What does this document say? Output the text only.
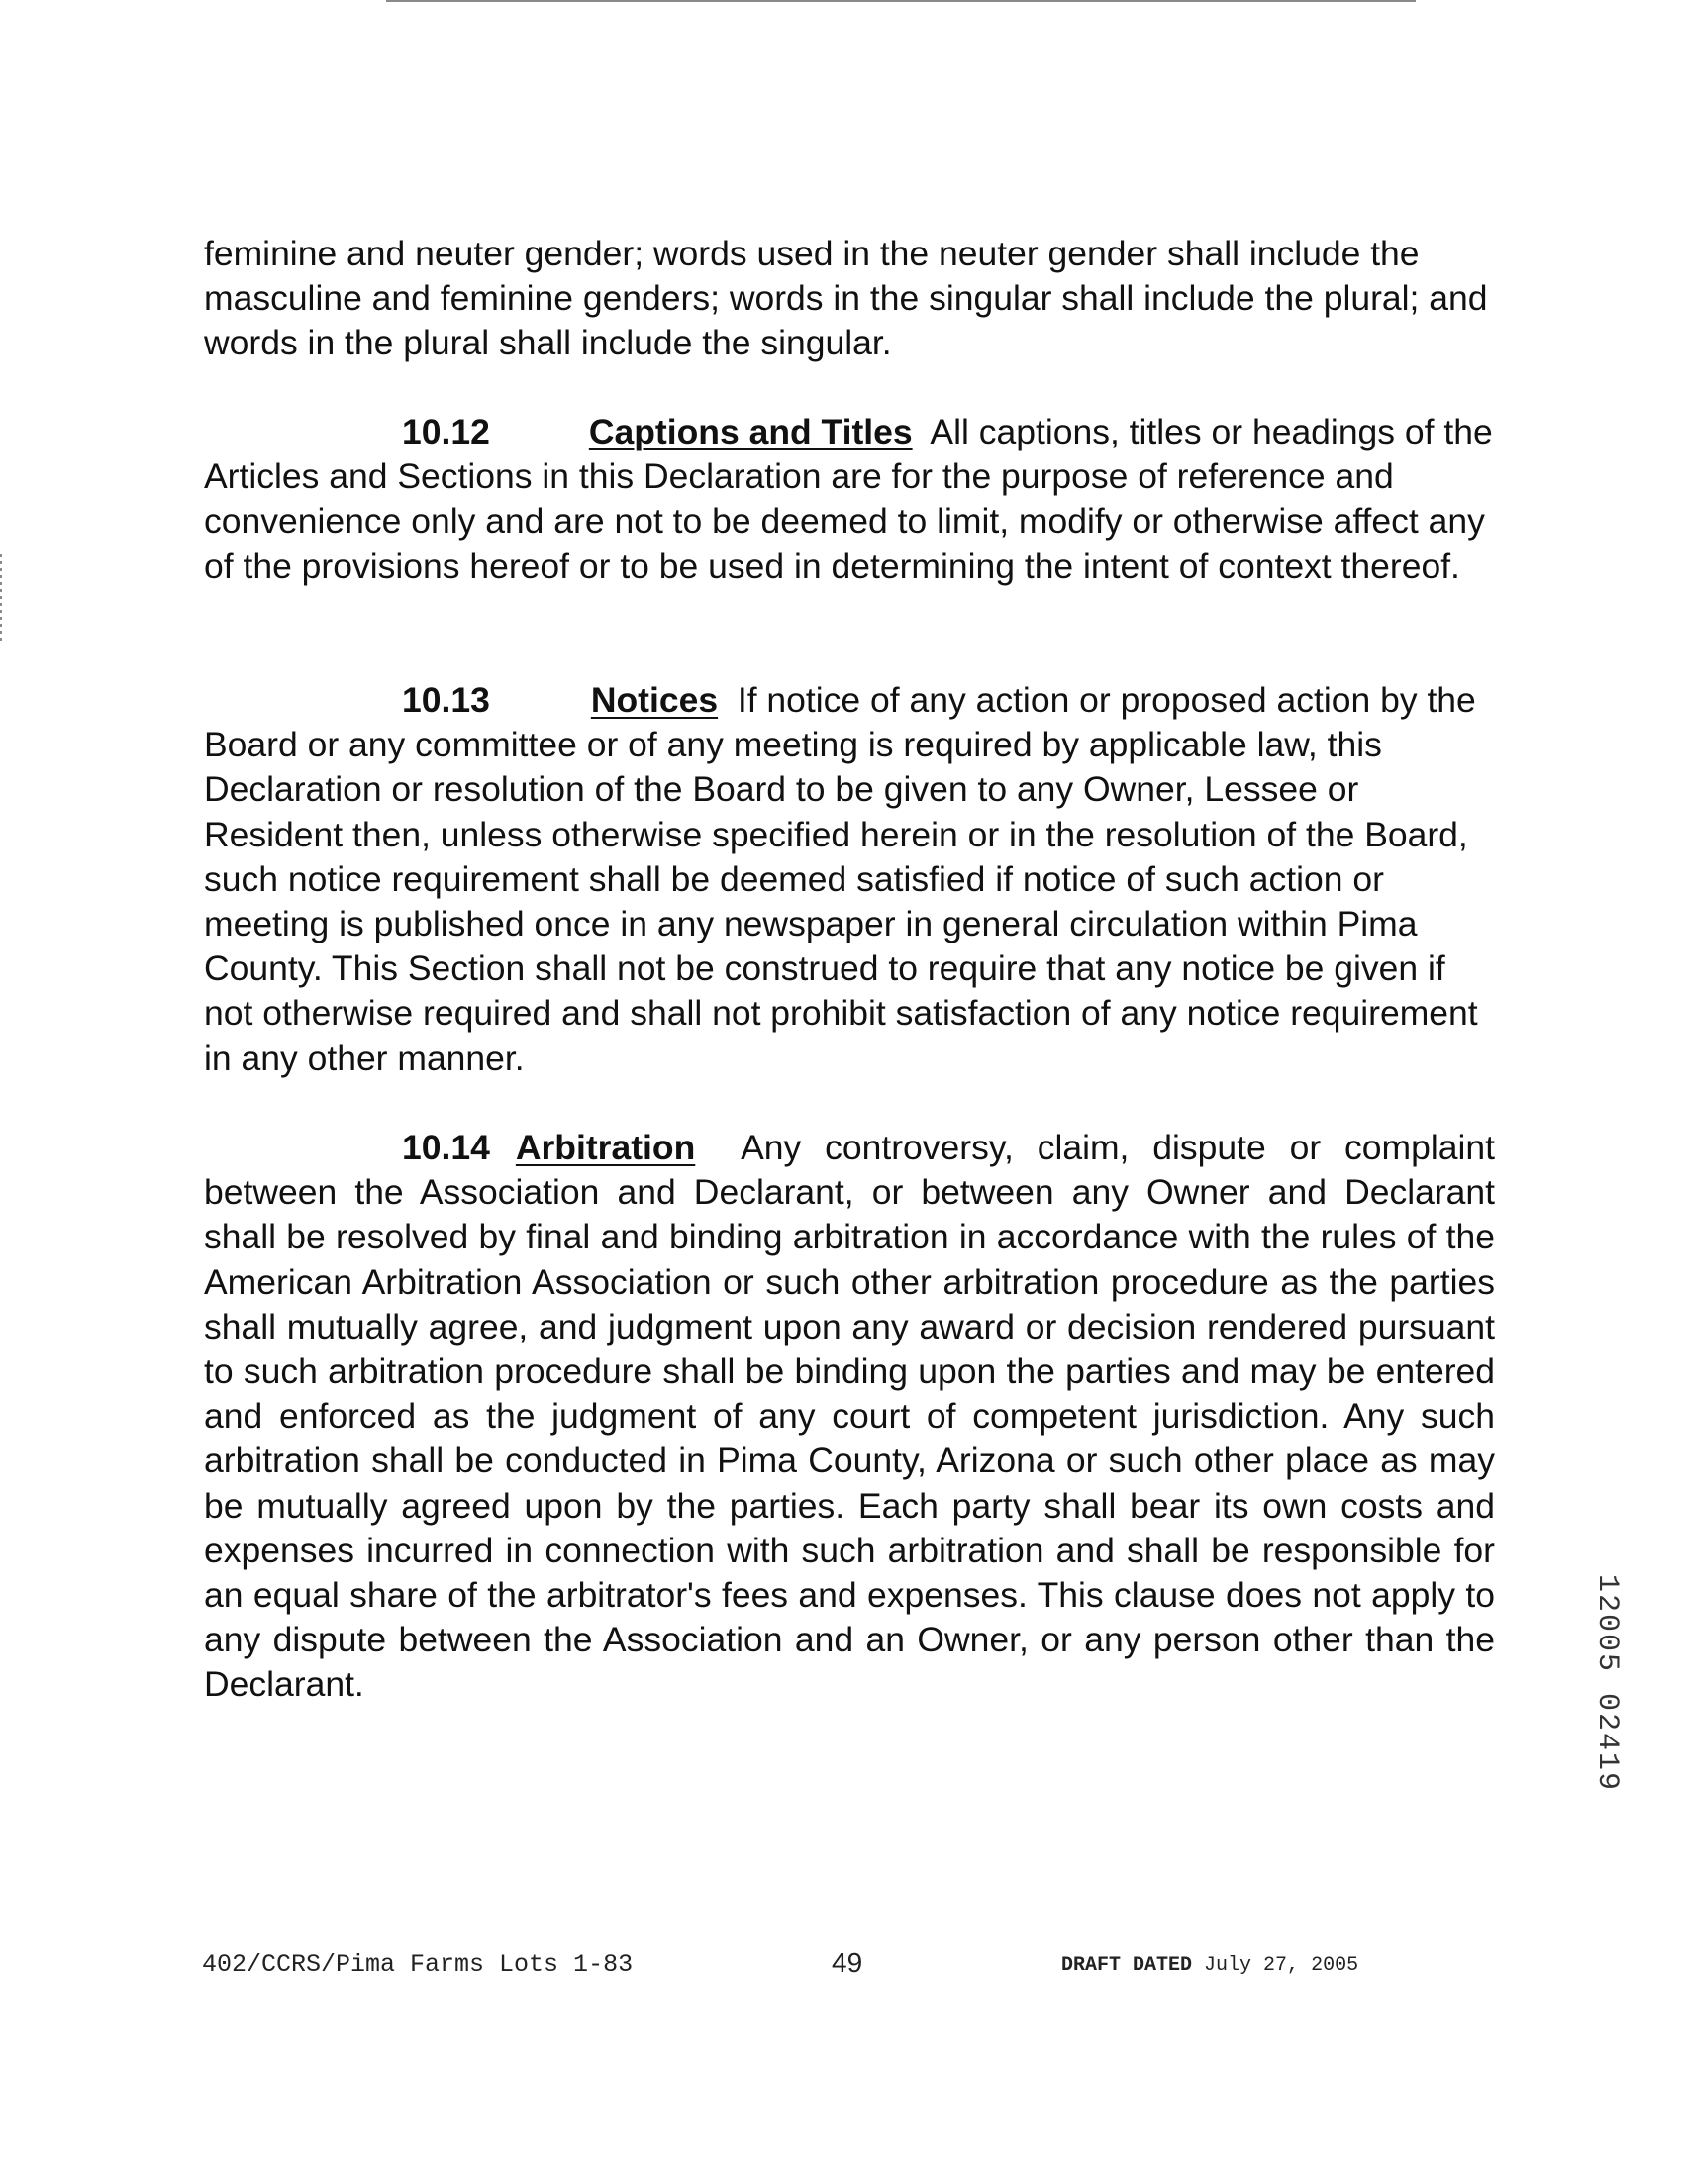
feminine and neuter gender; words used in the neuter gender shall include the masculine and feminine genders; words in the singular shall include the plural; and words in the plural shall include the singular.

10.12	Captions and Titles All captions, titles or headings of the Articles and Sections in this Declaration are for the purpose of reference and convenience only and are not to be deemed to limit, modify or otherwise affect any of the provisions hereof or to be used in determining the intent of context thereof.

10.13	Notices If notice of any action or proposed action by the Board or any committee or of any meeting is required by applicable law, this Declaration or resolution of the Board to be given to any Owner, Lessee or Resident then, unless otherwise specified herein or in the resolution of the Board, such notice requirement shall be deemed satisfied if notice of such action or meeting is published once in any newspaper in general circulation within Pima County. This Section shall not be construed to require that any notice be given if not otherwise required and shall not prohibit satisfaction of any notice requirement in any other manner.

10.14 Arbitration Any controversy, claim, dispute or complaint between the Association and Declarant, or between any Owner and Declarant shall be resolved by final and binding arbitration in accordance with the rules of the American Arbitration Association or such other arbitration procedure as the parties shall mutually agree, and judgment upon any award or decision rendered pursuant to such arbitration procedure shall be binding upon the parties and may be entered and enforced as the judgment of any court of competent jurisdiction. Any such arbitration shall be conducted in Pima County, Arizona or such other place as may be mutually agreed upon by the parties. Each party shall bear its own costs and expenses incurred in connection with such arbitration and shall be responsible for an equal share of the arbitrator's fees and expenses. This clause does not apply to any dispute between the Association and an Owner, or any person other than the Declarant.

402/CCRS/Pima Farms Lots 1-83	49	DRAFT DATED July 27, 2005
12005 02419
